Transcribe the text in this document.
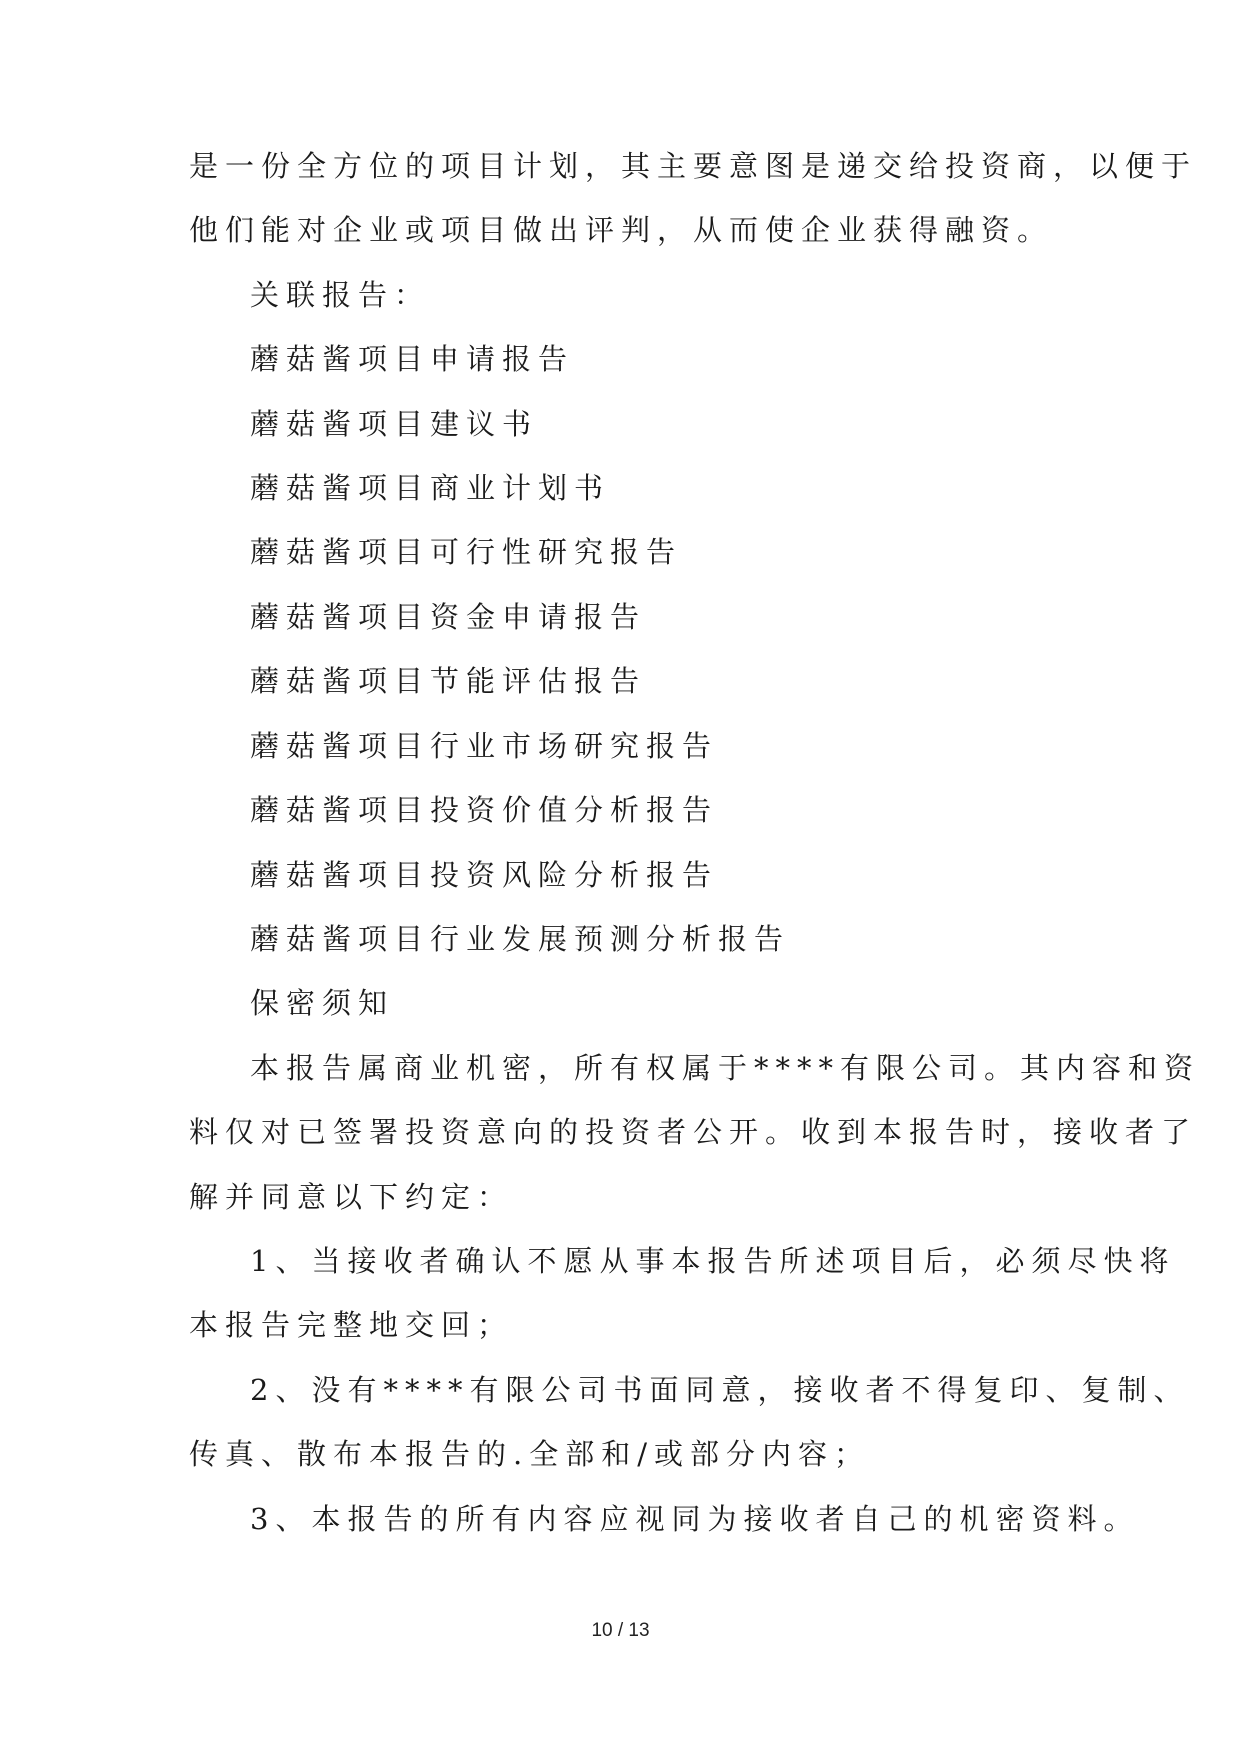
是一份全方位的项目计划，其主要意图是递交给投资商，以便于
他们能对企业或项目做出评判，从而使企业获得融资。
关联报告：
蘑菇酱项目申请报告
蘑菇酱项目建议书
蘑菇酱项目商业计划书
蘑菇酱项目可行性研究报告
蘑菇酱项目资金申请报告
蘑菇酱项目节能评估报告
蘑菇酱项目行业市场研究报告
蘑菇酱项目投资价值分析报告
蘑菇酱项目投资风险分析报告
蘑菇酱项目行业发展预测分析报告
保密须知
本报告属商业机密，所有权属于****有限公司。其内容和资
料仅对已签署投资意向的投资者公开。收到本报告时，接收者了
解并同意以下约定：
1、当接收者确认不愿从事本报告所述项目后，必须尽快将
本报告完整地交回；
2、没有****有限公司书面同意，接收者不得复印、复制、
传真、散布本报告的.全部和/或部分内容；
3、本报告的所有内容应视同为接收者自己的机密资料。
10 / 13
